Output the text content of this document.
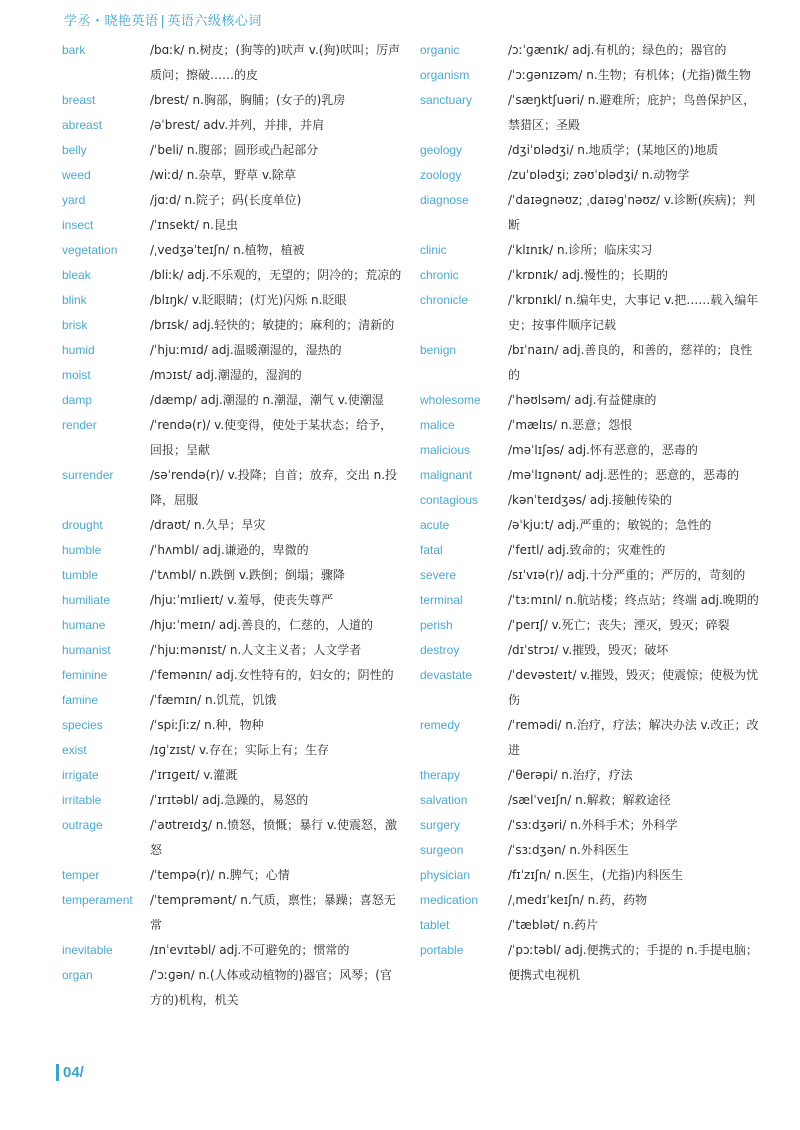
学丞・晓艳英语 | 英语六级核心词
bark	/bɑːk/ n.树皮；(狗等的)吠声 v.(狗)吠叫；厉声质问；擦破……的皮
breast	/brest/ n.胸部，胸脯；(女子的)乳房
abreast	/əˈbrest/ adv.并列，并排，并肩
belly	/ˈbeli/ n.腹部；圆形或凸起部分
weed	/wiːd/ n.杂草，野草 v.除草
yard	/jɑːd/ n.院子；码(长度单位)
insect	/ˈɪnsekt/ n.昆虫
vegetation	/ˌvedʒəˈteɪʃn/ n.植物，植被
bleak	/bliːk/ adj.不乐观的，无望的；阴冷的；荒凉的
blink	/blɪŋk/ v.眨眼睛；(灯光)闪烁 n.眨眼
brisk	/brɪsk/ adj.轻快的；敏捷的；麻利的；清新的
humid	/ˈhjuːmɪd/ adj.温暖潮湿的，湿热的
moist	/mɔɪst/ adj.潮湿的，湿润的
damp	/dæmp/ adj.潮湿的 n.潮湿，潮气 v.使潮湿
render	/ˈrendə(r)/ v.使变得，使处于某状态；给予，回报；呈献
surrender	/səˈrendə(r)/ v.投降；自首；放弃，交出 n.投降，屈服
drought	/draʊt/ n.久旱；旱灾
humble	/ˈhʌmbl/ adj.谦逊的，卑微的
tumble	/ˈtʌmbl/ n.跌倒 v.跌倒；倒塌；骤降
humiliate	/hjuːˈmɪlieɪt/ v.羞辱，使丧失尊严
humane	/hjuːˈmeɪn/ adj.善良的，仁慈的，人道的
humanist	/ˈhjuːmənɪst/ n.人文主义者；人文学者
feminine	/ˈfemənɪn/ adj.女性特有的，妇女的；阴性的
famine	/ˈfæmɪn/ n.饥荒，饥饿
species	/ˈspiːʃiːz/ n.种，物种
exist	/ɪɡˈzɪst/ v.存在；实际上有；生存
irrigate	/ˈɪrɪɡeɪt/ v.灌溉
irritable	/ˈɪrɪtəbl/ adj.急躁的，易怒的
outrage	/ˈaʊtreɪdʒ/ n.愤怒，愤慨；暴行 v.使震怒，激怒
temper	/ˈtempə(r)/ n.脾气；心情
temperament	/ˈtemprəmənt/ n.气质，禀性；暴躁；喜怒无常
inevitable	/ɪnˈevɪtəbl/ adj.不可避免的；惯常的
organ	/ˈɔːɡən/ n.(人体或动植物的)器官；风琴；(官方的)机构，机关
organic	/ɔːˈɡænɪk/ adj.有机的；绿色的；器官的
organism	/ˈɔːɡənɪzəm/ n.生物；有机体；(尤指)微生物
sanctuary	/ˈsæŋktʃuəri/ n.避难所；庇护；鸟兽保护区，禁猎区；圣殿
geology	/dʒiˈɒlədʒi/ n.地质学；(某地区的)地质
zoology	/zuˈɒlədʒi; zəʊˈɒlədʒi/ n.动物学
diagnose	/ˈdaɪəɡnəʊz; ˌdaɪəɡˈnəʊz/ v.诊断(疾病)；判断
clinic	/ˈklɪnɪk/ n.诊所；临床实习
chronic	/ˈkrɒnɪk/ adj.慢性的；长期的
chronicle	/ˈkrɒnɪkl/ n.编年史，大事记 v.把……载入编年史；按事件顺序记载
benign	/bɪˈnaɪn/ adj.善良的，和善的，慈祥的；良性的
wholesome	/ˈhəʊlsəm/ adj.有益健康的
malice	/ˈmælɪs/ n.恶意；怨恨
malicious	/məˈlɪʃəs/ adj.怀有恶意的，恶毒的
malignant	/məˈlɪɡnənt/ adj.恶性的；恶意的，恶毒的
contagious	/kənˈteɪdʒəs/ adj.接触传染的
acute	/əˈkjuːt/ adj.严重的；敏锐的；急性的
fatal	/ˈfeɪtl/ adj.致命的；灾难性的
severe	/sɪˈvɪə(r)/ adj.十分严重的；严厉的，苛刻的
terminal	/ˈtɜːmɪnl/ n.航站楼；终点站；终端 adj.晚期的
perish	/ˈperɪʃ/ v.死亡；丧失；湮灭，毁灭；碎裂
destroy	/dɪˈstrɔɪ/ v.摧毁，毁灭；破坏
devastate	/ˈdevəsteɪt/ v.摧毁，毁灭；使震惊；使极为忧伤
remedy	/ˈremədi/ n.治疗，疗法；解决办法 v.改正；改进
therapy	/ˈθerəpi/ n.治疗，疗法
salvation	/sælˈveɪʃn/ n.解救；解救途径
surgery	/ˈsɜːdʒəri/ n.外科手术；外科学
surgeon	/ˈsɜːdʒən/ n.外科医生
physician	/fɪˈzɪʃn/ n.医生，(尤指)内科医生
medication	/ˌmedɪˈkeɪʃn/ n.药，药物
tablet	/ˈtæblət/ n.药片
portable	/ˈpɔːtəbl/ adj.便携式的；手提的 n.手提电脑；便携式电视机
04/
